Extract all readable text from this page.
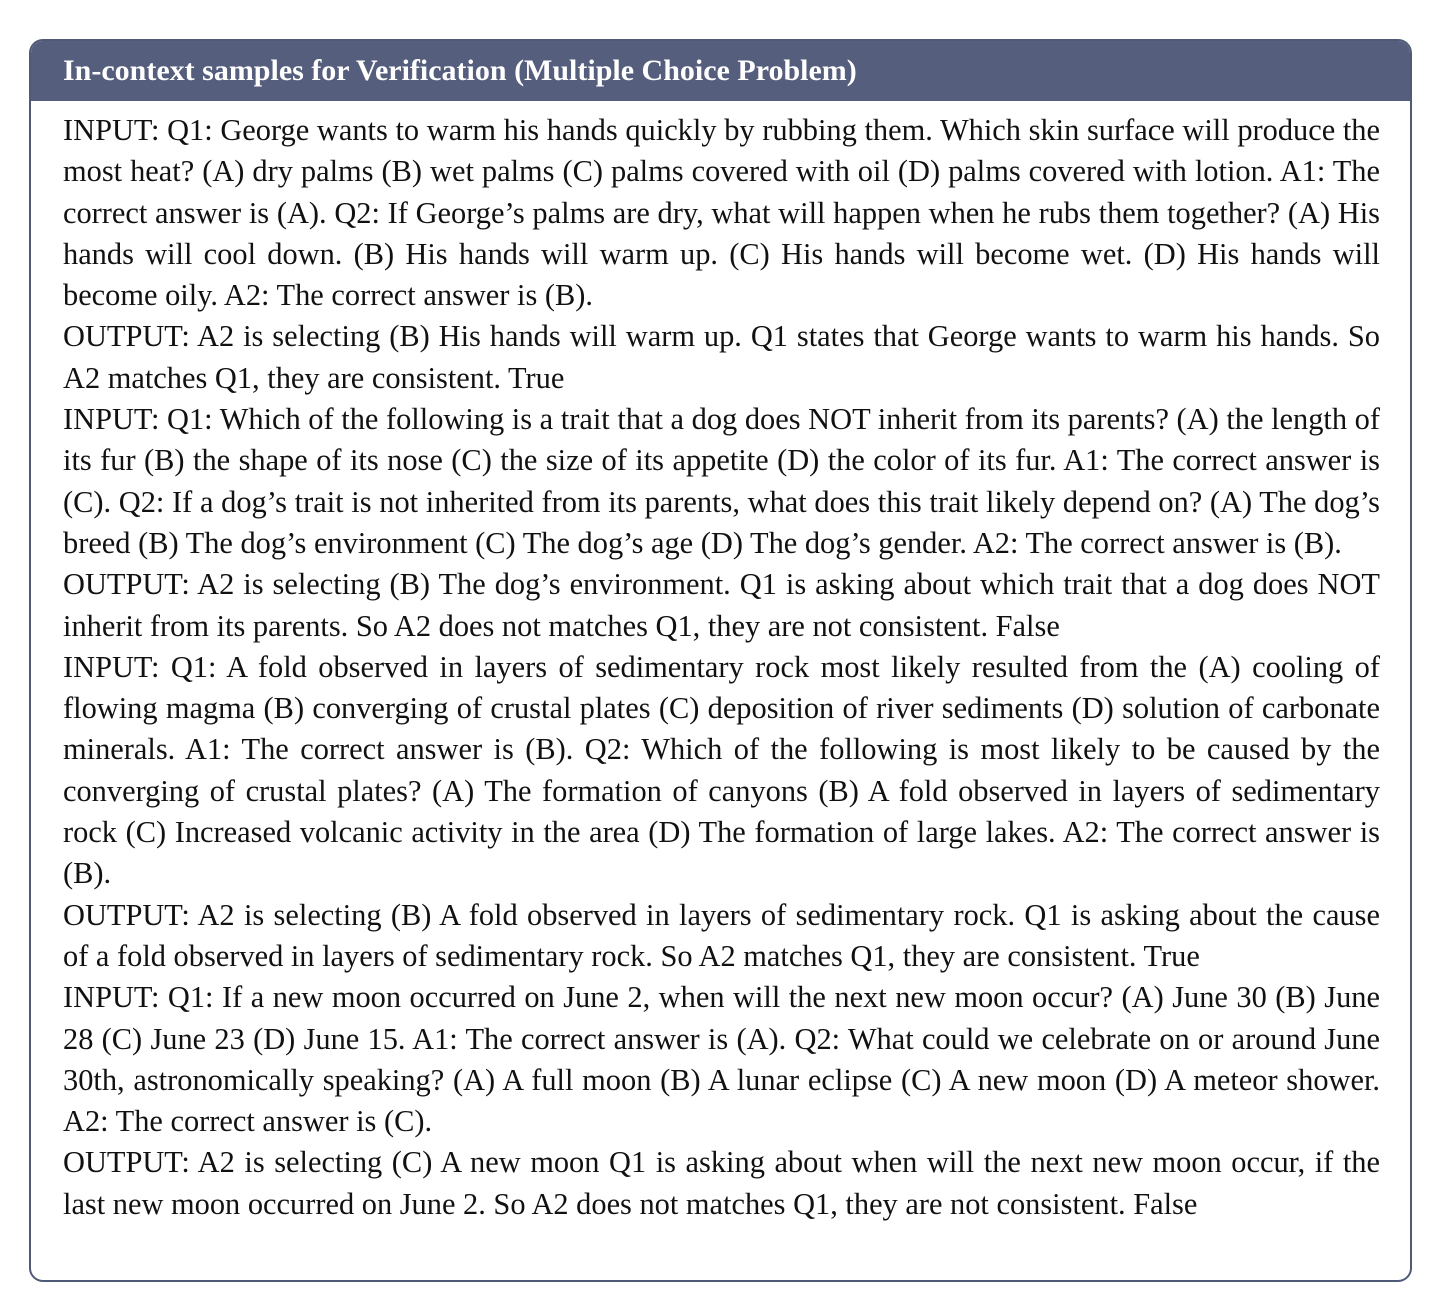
In-context samples for Verification (Multiple Choice Problem)

INPUT: Q1: George wants to warm his hands quickly by rubbing them. Which skin surface will produce the most heat? (A) dry palms (B) wet palms (C) palms covered with oil (D) palms covered with lotion. A1: The correct answer is (A). Q2: If George’s palms are dry, what will happen when he rubs them together? (A) His hands will cool down. (B) His hands will warm up. (C) His hands will become wet. (D) His hands will become oily. A2: The correct answer is (B).

OUTPUT: A2 is selecting (B) His hands will warm up. Q1 states that George wants to warm his hands. So A2 matches Q1, they are consistent. True

INPUT: Q1: Which of the following is a trait that a dog does NOT inherit from its parents? (A) the length of its fur (B) the shape of its nose (C) the size of its appetite (D) the color of its fur. A1: The correct answer is (C). Q2: If a dog’s trait is not inherited from its parents, what does this trait likely depend on? (A) The dog’s breed (B) The dog’s environment (C) The dog’s age (D) The dog’s gender. A2: The correct answer is (B).

OUTPUT: A2 is selecting (B) The dog’s environment. Q1 is asking about which trait that a dog does NOT inherit from its parents. So A2 does not matches Q1, they are not consistent. False

INPUT: Q1: A fold observed in layers of sedimentary rock most likely resulted from the (A) cooling of flowing magma (B) converging of crustal plates (C) deposition of river sediments (D) solution of carbonate minerals. A1: The correct answer is (B). Q2: Which of the following is most likely to be caused by the converging of crustal plates? (A) The formation of canyons (B) A fold observed in layers of sedimentary rock (C) Increased volcanic activity in the area (D) The formation of large lakes. A2: The correct answer is (B).

OUTPUT: A2 is selecting (B) A fold observed in layers of sedimentary rock. Q1 is asking about the cause of a fold observed in layers of sedimentary rock. So A2 matches Q1, they are consistent. True

INPUT: Q1: If a new moon occurred on June 2, when will the next new moon occur? (A) June 30 (B) June 28 (C) June 23 (D) June 15. A1: The correct answer is (A). Q2: What could we celebrate on or around June 30th, astronomically speaking? (A) A full moon (B) A lunar eclipse (C) A new moon (D) A meteor shower. A2: The correct answer is (C).

OUTPUT: A2 is selecting (C) A new moon Q1 is asking about when will the next new moon occur, if the last new moon occurred on June 2. So A2 does not matches Q1, they are not consistent. False
